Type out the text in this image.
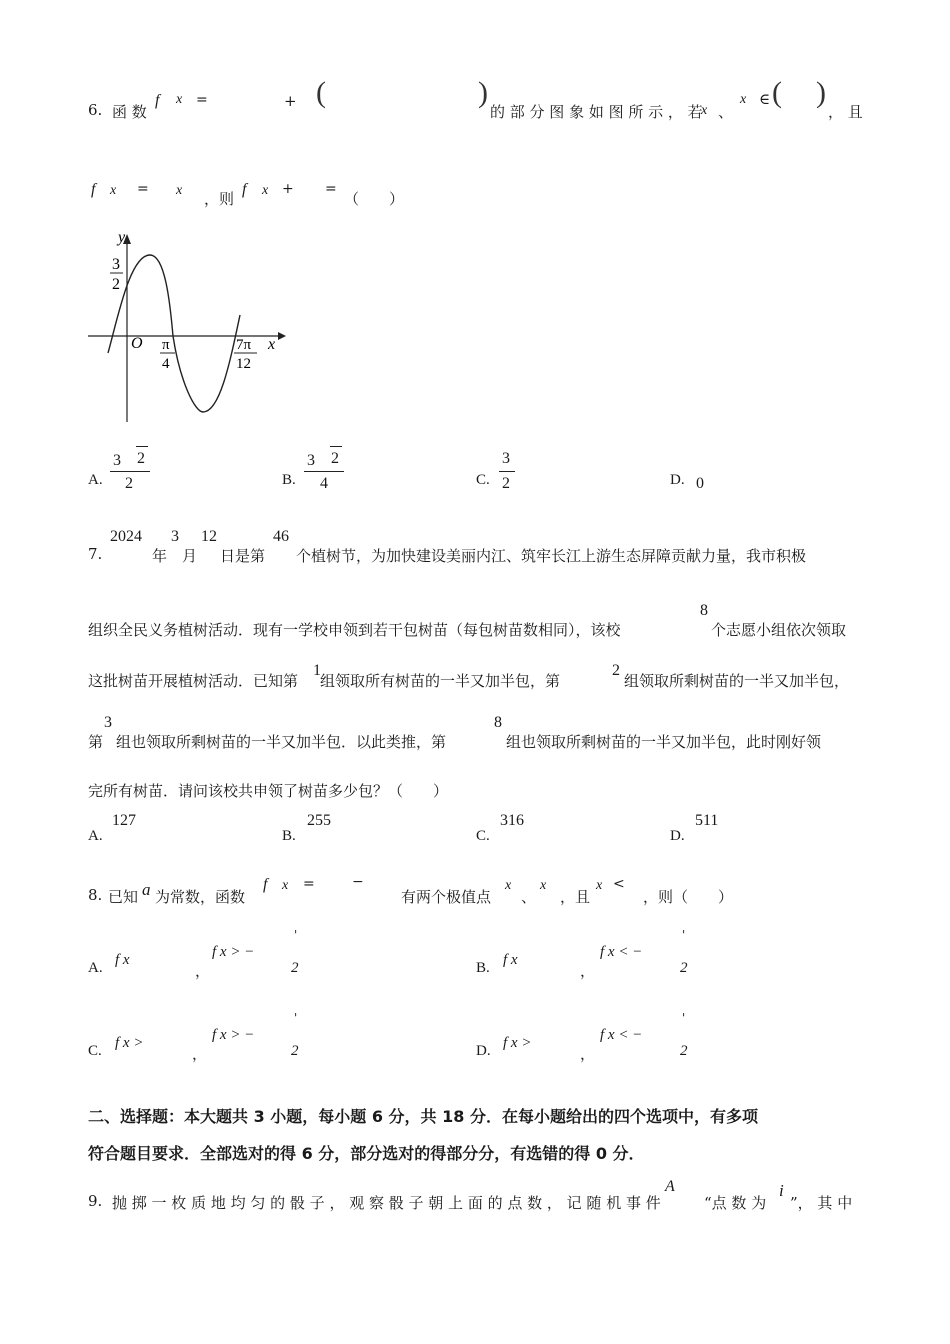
6. 函 数
f x =	+ (	)
的 部 分 图 象 如 图 所 示 ， 若
x 、
x ∈ ( )
， 且
f x = x ，则
f x + =
（　　）
y
x
O
3
2
π
4
7π
12
A.
3 2
2	B.
3 2
4	C.
3
2	D. 0
7.
2024
年
3
月
12
日是第
46
个植树节，为加快建设美丽内江、筑牢长江上游生态屏障贡献力量，我市积极
组织全民义务植树活动．现有一学校申领到若干包树苗（每包树苗数相同），该校
8
个志愿小组依次领取
这批树苗开展植树活动．已知第
1
组领取所有树苗的一半又加半包，第
2
组领取所剩树苗的一半又加半包，
第
3
组也领取所剩树苗的一半又加半包．以此类推，第
8
组也领取所剩树苗的一半又加半包，此时刚好领
完所有树苗．请问该校共申领了树苗多少包？（　　）
A.
127
B.
255
C.
316
D.
511
8. 已知 a 为常数，函数
f x =	−
有两个极值点
x
、
x
，且
x <
，则（　　）
A. f x
，
f x > −
'
2	B. f x
，
f x < −
'
2
C. f x >
，
f x > −
'
2	D. f x >
，
f x < −
'
2
二、选择题：本大题共 3 小题，每小题 6 分，共 18 分．在每小题给出的四个选项中，有多项
符合题目要求．全部选对的得 6 分，部分选对的得部分分，有选错的得 0 分．
9. 抛 掷 一 枚 质 地 均 匀 的 骰 子 ， 观 察 骰 子 朝 上 面 的 点 数 ， 记 随 机 事 件
A
“点 数 为
i
”， 其 中
